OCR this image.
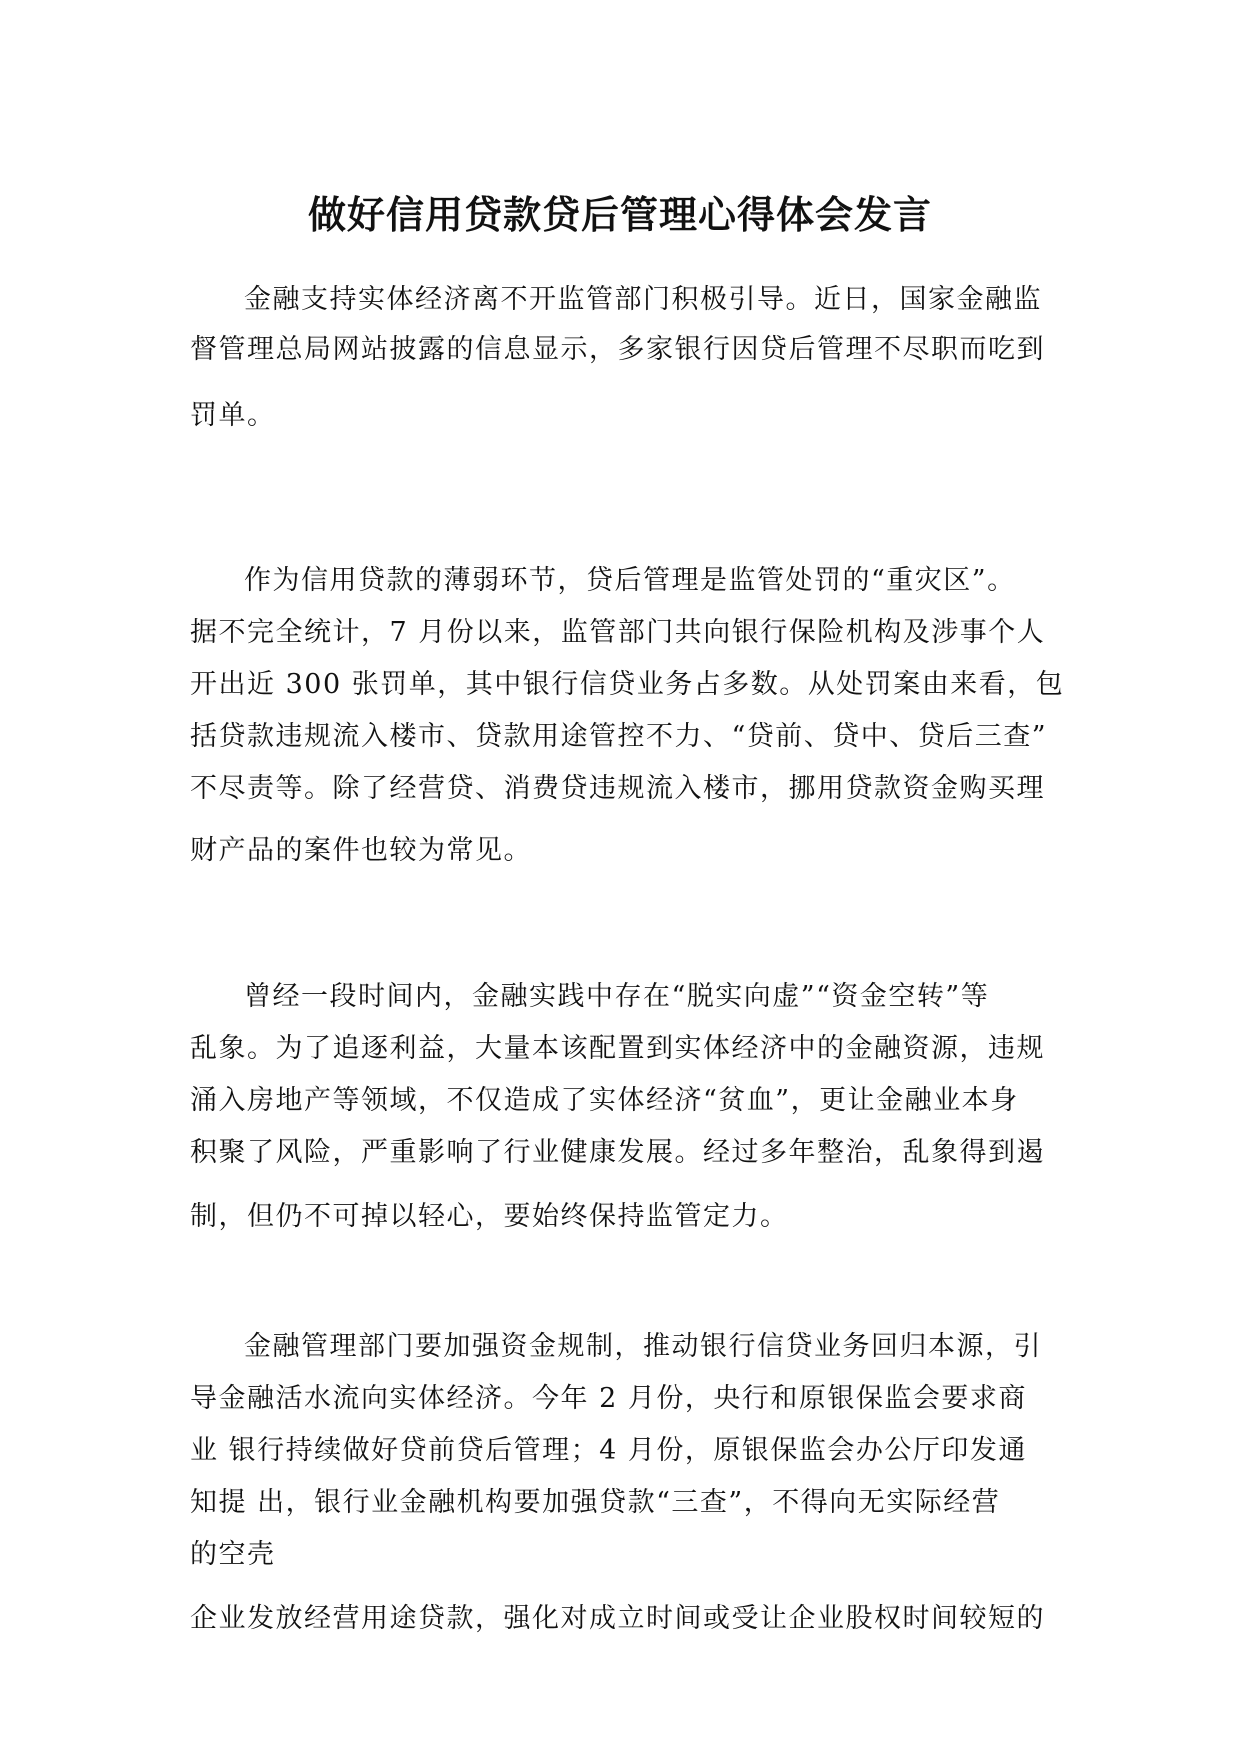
做好信用贷款贷后管理心得体会发言
金融支持实体经济离不开监管部门积极引导。近日，国家金融监
督管理总局网站披露的信息显示，多家银行因贷后管理不尽职而吃到
罚单。
作为信用贷款的薄弱环节，贷后管理是监管处罚的“重灾区”。
据不完全统计，7 月份以来，监管部门共向银行保险机构及涉事个人
开出近 300 张罚单，其中银行信贷业务占多数。从处罚案由来看，包
括贷款违规流入楼市、贷款用途管控不力、“贷前、贷中、贷后三查”
不尽责等。除了经营贷、消费贷违规流入楼市，挪用贷款资金购买理
财产品的案件也较为常见。
曾经一段时间内，金融实践中存在“脱实向虚”“资金空转”等
乱象。为了追逐利益，大量本该配置到实体经济中的金融资源，违规
涌入房地产等领域，不仅造成了实体经济“贫血”，更让金融业本身
积聚了风险，严重影响了行业健康发展。经过多年整治，乱象得到遏
制，但仍不可掉以轻心，要始终保持监管定力。
金融管理部门要加强资金规制，推动银行信贷业务回归本源，引
导金融活水流向实体经济。今年 2 月份，央行和原银保监会要求商
业 银行持续做好贷前贷后管理；4 月份，原银保监会办公厅印发通
知提 出，银行业金融机构要加强贷款“三查”，不得向无实际经营
的空壳
企业发放经营用途贷款，强化对成立时间或受让企业股权时间较短的
